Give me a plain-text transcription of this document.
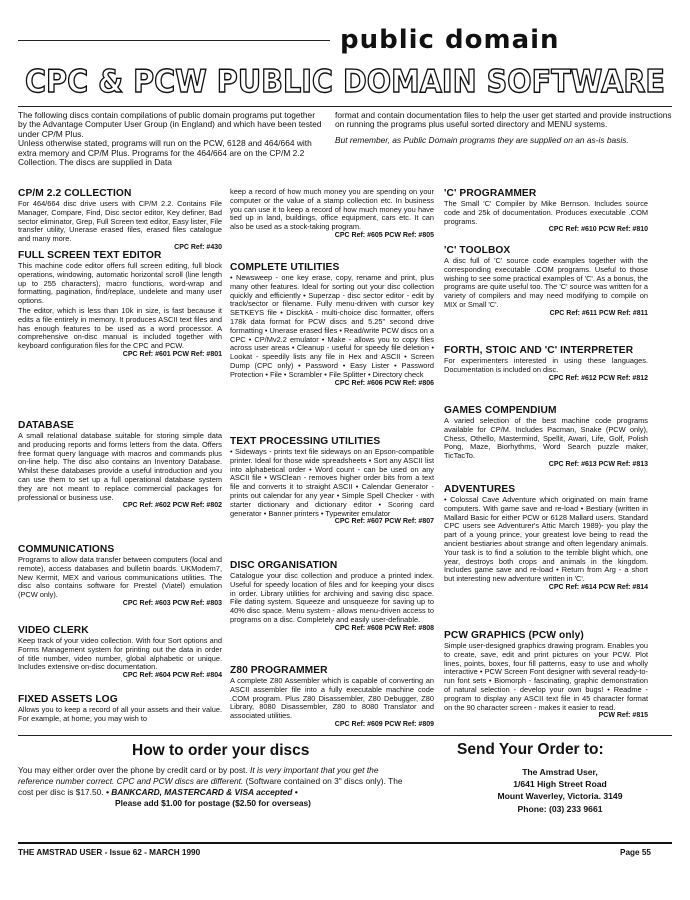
public domain
CPC & PCW PUBLIC DOMAIN SOFTWARE

The following discs contain compilations of public domain programs put together by the Advantage Computer User Group (in England) and which have been tested under CP/M Plus.

Unless otherwise stated, programs will run on the PCW, 6128 and 464/664 with extra memory and CP/M Plus. Programs for the 464/664 are on the CP/M 2.2 Collection. The discs are supplied in Data

format and contain documentation files to help the user get started and provide instructions on running the programs plus useful sorted directory and MENU systems.

But remember, as Public Domain programs they are supplied on an as-is basis.

CP/M 2.2 COLLECTION

For 464/664 disc drive users with CP/M 2.2. Contains File Manager, Compare, Find, Disc sector editor, Key definer, Bad sector eliminator, Grep, Full Screen text editor, Easy lister, File transfer utility, Unerase erased files, erased files catalogue and many more.

CPC Ref: #430
FULL SCREEN TEXT EDITOR

This machine code editor offers full screen editing, full block operations, windowing, automatic horizontal scroll (line length up to 255 characters), macro functions, word-wrap and formatting, pagination, find/replace, undelete and many user options.

The editor, which is less than 10k in size, is fast because it edits a file entirely in memory. It produces ASCII text files and has enough features to be used as a word processor. A comprehensive on-disc manual is included together with keyboard configuration files for the CPC and PCW.

CPC Ref: #601 PCW Ref: #801
DATABASE

A small relational database suitable for storing simple data and producing reports and forms letters from the data. Offers free format query language with macros and commands plus on-line help. The disc also contains an Inventory Database. Whilst these databases provide a useful introduction and you can use them to set up a full operational database system they are not meant to replace commercial packages for professional or business use.

CPC Ref: #602 PCW Ref: #802
COMMUNICATIONS

Programs to allow data transfer between computers (local and remote), access databases and bulletin boards. UKModem7, New Kermit, MEX and various communications utilities. The disc also contains software for Prestel (Viatel) emulation (PCW only).

CPC Ref: #603 PCW Ref: #803
VIDEO CLERK

Keep track of your video collection. With four Sort options and Forms Management system for printing out the data in order of title number, video number, global alphabetic or unique. Includes extensive on-disc documentation.

CPC Ref: #604 PCW Ref: #804
FIXED ASSETS LOG

Allows you to keep a record of all your assets and their value. For example, at home, you may wish to

keep a record of how much money you are spending on your computer or the value of a stamp collection etc. In business you can use it to keep a record of how much money you have tied up in land, buildings, office equipment, cars etc. It can also be used as a stock-taking program.

CPC Ref: #605 PCW Ref: #805
COMPLETE UTILITIES

• Newsweep - one key erase, copy, rename and print, plus many other features. Ideal for sorting out your disc collection quickly and efficiently • Superzap - disc sector editor - edit by track/sector or filename. Fully menu-driven with cursor key SETKEYS file • DisckitA - multi-choice disc formatter, offers 178k data format for PCW discs and 5.25" second drive formatting • Unerase erased files • Read/write PCW discs on a CPC • CP/Mv2.2 emulator • Make - allows you to copy files across user areas • Cleanup - useful for speedy file deletion • Lookat - speedily lists any file in Hex and ASCII • Screen Dump (CPC only) • Password • Easy Lister • Password Protection • File • Scrambler • File Splitter • Directory check

CPC Ref: #606 PCW Ref: #806
TEXT PROCESSING UTILITIES

• Sideways - prints text file sideways on an Epson-compatible printer. Ideal for those wide spreadsheets • Sort any ASCII list into alphabetical order • Word count - can be used on any ASCII file • WSClean - removes higher order bits from a text file and converts it to straight ASCII • Calendar Generator - prints out calendar for any year • Simple Spell Checker - with starter dictionary and dictionary editor • Scoring card generator • Banner printers • Typewriter emulator

CPC Ref: #607 PCW Ref: #807
DISC ORGANISATION

Catalogue your disc collection and produce a printed index. Useful for speedy location of files and for keeping your discs in order. Library utilities for archiving and saving disc space. File dating system. Squeeze and unsqueeze for saving up to 40% disc space. Menu system - allows menu-driven access to programs on a disc. Completely and easily user-definable.

CPC Ref: #608 PCW Ref: #808
Z80 PROGRAMMER

A complete Z80 Assembler which is capable of converting an ASCII assembler file into a fully executable machine code .COM program. Plus Z80 Disassembler, Z80 Debugger, Z80 Library, 8080 Disassembler, Z80 to 8080 Translator and associated utilities.

CPC Ref: #609 PCW Ref: #809
'C' PROGRAMMER

The Small 'C' Compiler by Mike Bernson. Includes source code and 25k of documentation. Produces executable .COM programs.

CPC Ref: #610 PCW Ref: #810
'C' TOOLBOX

A disc full of 'C' source code examples together with the corresponding executable .COM programs. Useful to those wishing to see some practical examples of 'C'. As a bonus, the programs are quite useful too. The 'C' source was written for a variety of compilers and may need modifying to compile on MIX or Small 'C'.

CPC Ref: #611 PCW Ref: #811
FORTH, STOIC AND 'C' INTERPRETER

For experimenters interested in using these languages. Documentation is included on disc.

CPC Ref: #612 PCW Ref: #812
GAMES COMPENDIUM

A varied selection of the best machine code programs available for CP/M. Includes Pacman, Snake (PCW only), Chess, Othello, Mastermind, Spellit, Awari, Life, Golf, Polish Pong, Maze, Biorhythms, Word Search puzzle maker, TicTacTo.

CPC Ref: #613 PCW Ref: #813
ADVENTURES

• Colossal Cave Adventure which originated on main frame computers. With game save and re-load • Bestiary (written in Mallard Basic for either PCW or 6128 Mallard users. Standard CPC users see Adventurer's Attic March 1989)- you play the part of a young prince, your greatest love being to read the ancient bestiaries about strange and often legendary animals. Your task is to find a solution to the terrible blight which, one year, destroys both crops and animals in the kingdom. Includes game save and re-load • Return from Arg - a short but interesting new adventure written in 'C'.

CPC Ref: #614 PCW Ref: #814
PCW GRAPHICS (PCW only)

Simple user-designed graphics drawing program. Enables you to create, save, edit and print pictures on your PCW. Plot lines, points, boxes, four fill patterns, easy to use and wholly interactive • PCW Screen Font designer with several ready-to-run font sets • Biomorph - fascinating, graphic demonstration of natural selection - develop your own bugs! • Readme - program to display any ASCII text file in 45 character format on the 90 character screen - makes it easier to read.

PCW Ref: #815
How to order your discs
You may either order over the phone by credit card or by post. It is very important that you get the reference number correct. CPC and PCW discs are different. (Software contained on 3" discs only). The cost per disc is $17.50. • BANKCARD, MASTERCARD & VISA accepted •

Please add $1.00 for postage ($2.50 for overseas)
Send Your Order to:
The Amstrad User,
1/641 High Street Road
Mount Waverley, Victoria. 3149
Phone: (03) 233 9661
THE AMSTRAD USER - Issue 62 - MARCH 1990	Page 55
